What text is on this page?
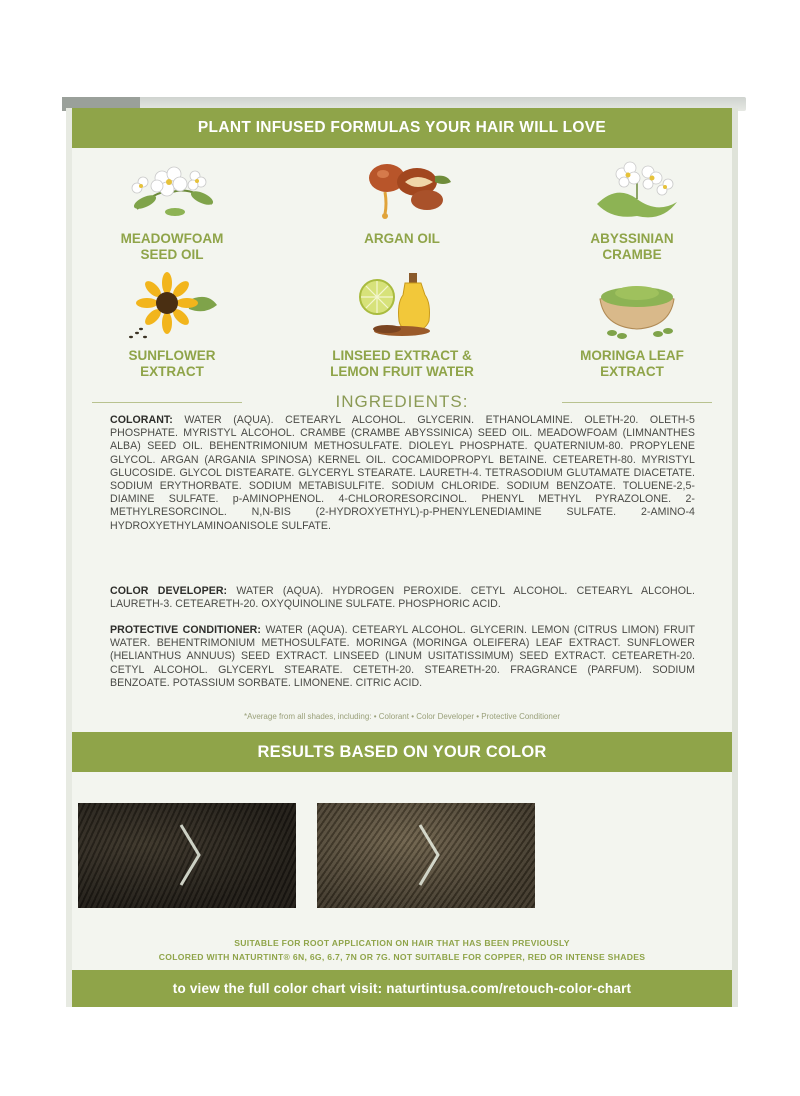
PLANT INFUSED FORMULAS YOUR HAIR WILL LOVE
MEADOWFOAM
SEED OIL
ARGAN OIL	ABYSSINIAN
CRAMBE
SUNFLOWER
EXTRACT
LINSEED EXTRACT &
LEMON FRUIT WATER
MORINGA LEAF
EXTRACT
INGREDIENTS:
COLORANT: WATER (AQUA). CETEARYL ALCOHOL. GLYCERIN. ETHANOLAMINE. OLETH-20. OLETH-5 PHOSPHATE. MYRISTYL ALCOHOL. CRAMBE (CRAMBE ABYSSINICA) SEED OIL. MEADOWFOAM (LIMNANTHES ALBA) SEED OIL. BEHENTRIMONIUM METHOSULFATE. DIOLEYL PHOSPHATE. QUATERNIUM-80. PROPYLENE GLYCOL. ARGAN (ARGANIA SPINOSA) KERNEL OIL. COCAMIDOPROPYL BETAINE. CETEARETH-80. MYRISTYL GLUCOSIDE. GLYCOL DISTEARATE. GLYCERYL STEARATE. LAURETH-4. TETRASODIUM GLUTAMATE DIACETATE. SODIUM ERYTHORBATE. SODIUM METABISULFITE. SODIUM CHLORIDE. SODIUM BENZOATE. TOLUENE-2,5- DIAMINE SULFATE. p-AMINOPHENOL. 4-CHLORORESORCINOL. PHENYL METHYL PYRAZOLONE. 2-METHYLRESORCINOL. N,N-BIS (2-HYDROXYETHYL)-p-PHENYLENEDIAMINE SULFATE. 2-AMINO-4 HYDROXYETHYLAMINOANISOLE SULFATE.
COLOR DEVELOPER: WATER (AQUA). HYDROGEN PEROXIDE. CETYL ALCOHOL. CETEARYL ALCOHOL. LAURETH-3. CETEARETH-20. OXYQUINOLINE SULFATE. PHOSPHORIC ACID.
PROTECTIVE CONDITIONER: WATER (AQUA). CETEARYL ALCOHOL. GLYCERIN. LEMON (CITRUS LIMON) FRUIT WATER. BEHENTRIMONIUM METHOSULFATE. MORINGA (MORINGA OLEIFERA) LEAF EXTRACT. SUNFLOWER (HELIANTHUS ANNUUS) SEED EXTRACT. LINSEED (LINUM USITATISSIMUM) SEED EXTRACT. CETEARETH-20. CETYL ALCOHOL. GLYCERYL STEARATE. CETETH-20. STEARETH-20. FRAGRANCE (PARFUM). SODIUM BENZOATE. POTASSIUM SORBATE. LIMONENE. CITRIC ACID.
*Average from all shades, including: • Colorant • Color Developer • Protective Conditioner
RESULTS BASED ON YOUR COLOR
SUITABLE FOR ROOT APPLICATION ON HAIR THAT HAS BEEN PREVIOUSLY
COLORED WITH NATURTINT® 6N, 6G, 6.7, 7N OR 7G. NOT SUITABLE FOR COPPER, RED OR INTENSE SHADES
to view the full color chart visit: naturtintusa.com/retouch-color-chart
